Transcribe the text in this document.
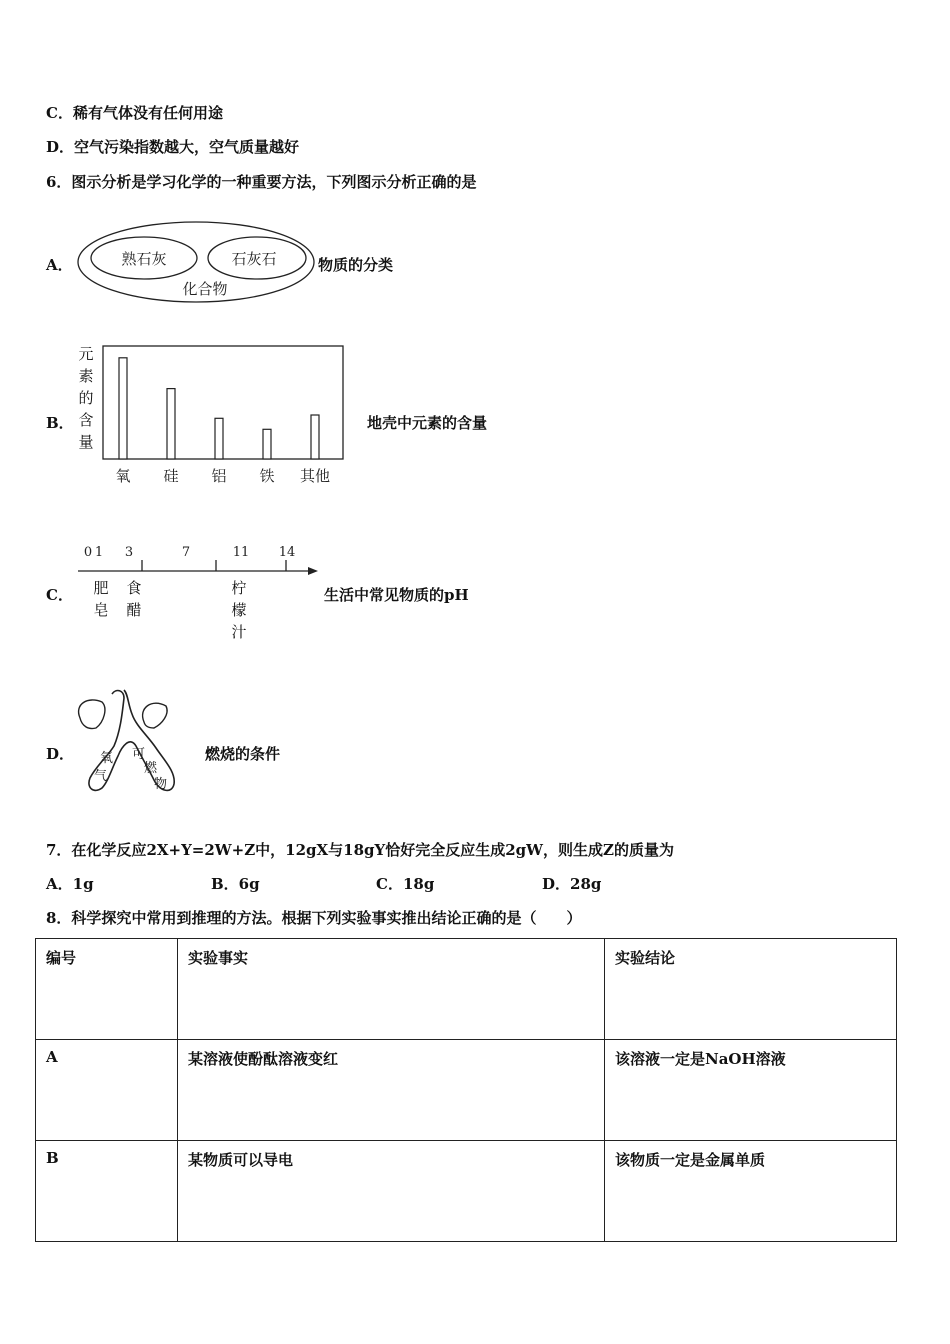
C．稀有气体没有任何用途
D．空气污染指数越大，空气质量越好
6．图示分析是学习化学的一种重要方法，下列图示分析正确的是
A．	熟石灰	石灰石
化合物
物质的分类
B．
元
素
的
含
量
氧 硅 铝 铁 其他
地壳中元素的含量
C．
0 1 3	7	11 14
肥
皂
食
醋
柠
檬
汁
生活中常见物质的pH
D． 氧
气
可
燃
物
燃烧的条件
7．在化学反应2X+Y=2W+Z中，12gX与18gY恰好完全反应生成2gW，则生成Z的质量为
A．1g	B．6g	C．18g	D．28g
8．科学探究中常用到推理的方法。根据下列实验事实推出结论正确的是（　　）
编号	实验事实	实验结论
A	某溶液使酚酞溶液变红	该溶液一定是NaOH溶液
B	某物质可以导电	该物质一定是金属单质
